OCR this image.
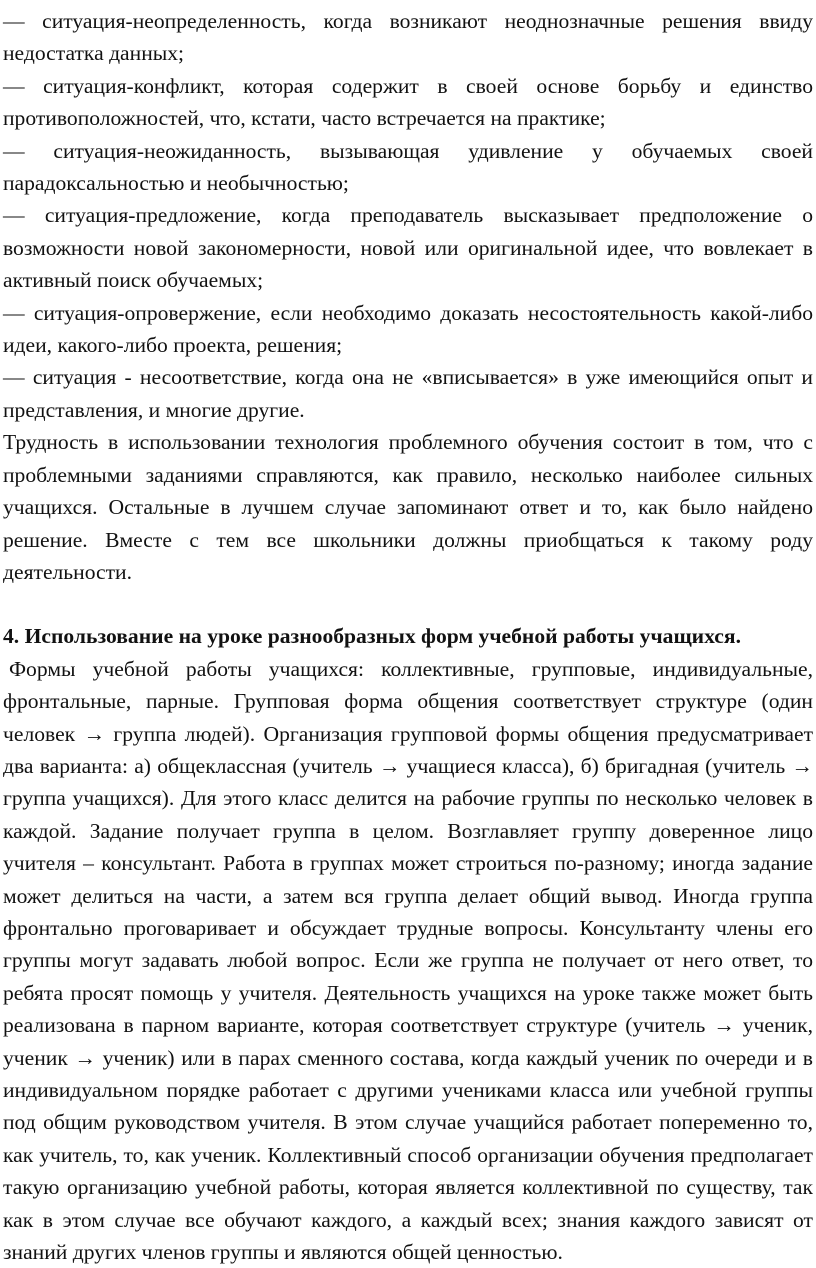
— ситуация-неопределенность, когда возникают неоднозначные решения ввиду недостатка данных;

— ситуация-конфликт, которая содержит в своей основе борьбу и единство противоположностей, что, кстати, часто встречается на практике;

— ситуация-неожиданность, вызывающая удивление у обучаемых своей парадоксальностью и необычностью;

— ситуация-предложение, когда преподаватель высказывает предположение о возможности новой закономерности, новой или оригинальной идее, что вовлекает в активный поиск обучаемых;

— ситуация-опровержение, если необходимо доказать несостоятельность какой-либо идеи, какого-либо проекта, решения;

— ситуация - несоответствие, когда она не «вписывается» в уже имеющийся опыт и представления, и многие другие.

Трудность в использовании технология проблемного обучения состоит в том, что с проблемными заданиями справляются, как правило, несколько наиболее сильных учащихся. Остальные в лучшем случае запоминают ответ и то, как было найдено решение. Вместе с тем все школьники должны приобщаться к такому роду деятельности.

4. Использование на уроке разнообразных форм учебной работы учащихся.

Формы учебной работы учащихся: коллективные, групповые, индивидуальные, фронтальные, парные. Групповая форма общения соответствует структуре (один человек → группа людей). Организация групповой формы общения предусматривает два варианта: а) общеклассная (учитель → учащиеся класса), б) бригадная (учитель → группа учащихся). Для этого класс делится на рабочие группы по несколько человек в каждой. Задание получает группа в целом. Возглавляет группу доверенное лицо учителя – консультант. Работа в группах может строиться по-разному; иногда задание может делиться на части, а затем вся группа делает общий вывод. Иногда группа фронтально проговаривает и обсуждает трудные вопросы. Консультанту члены его группы могут задавать любой вопрос. Если же группа не получает от него ответ, то ребята просят помощь у учителя. Деятельность учащихся на уроке также может быть реализована в парном варианте, которая соответствует структуре (учитель → ученик, ученик → ученик) или в парах сменного состава, когда каждый ученик по очереди и в индивидуальном порядке работает с другими учениками класса или учебной группы под общим руководством учителя. В этом случае учащийся работает попеременно то, как учитель, то, как ученик. Коллективный способ организации обучения предполагает такую организацию учебной работы, которая является коллективной по существу, так как в этом случае все обучают каждого, а каждый всех; знания каждого зависят от знаний других членов группы и являются общей ценностью.
